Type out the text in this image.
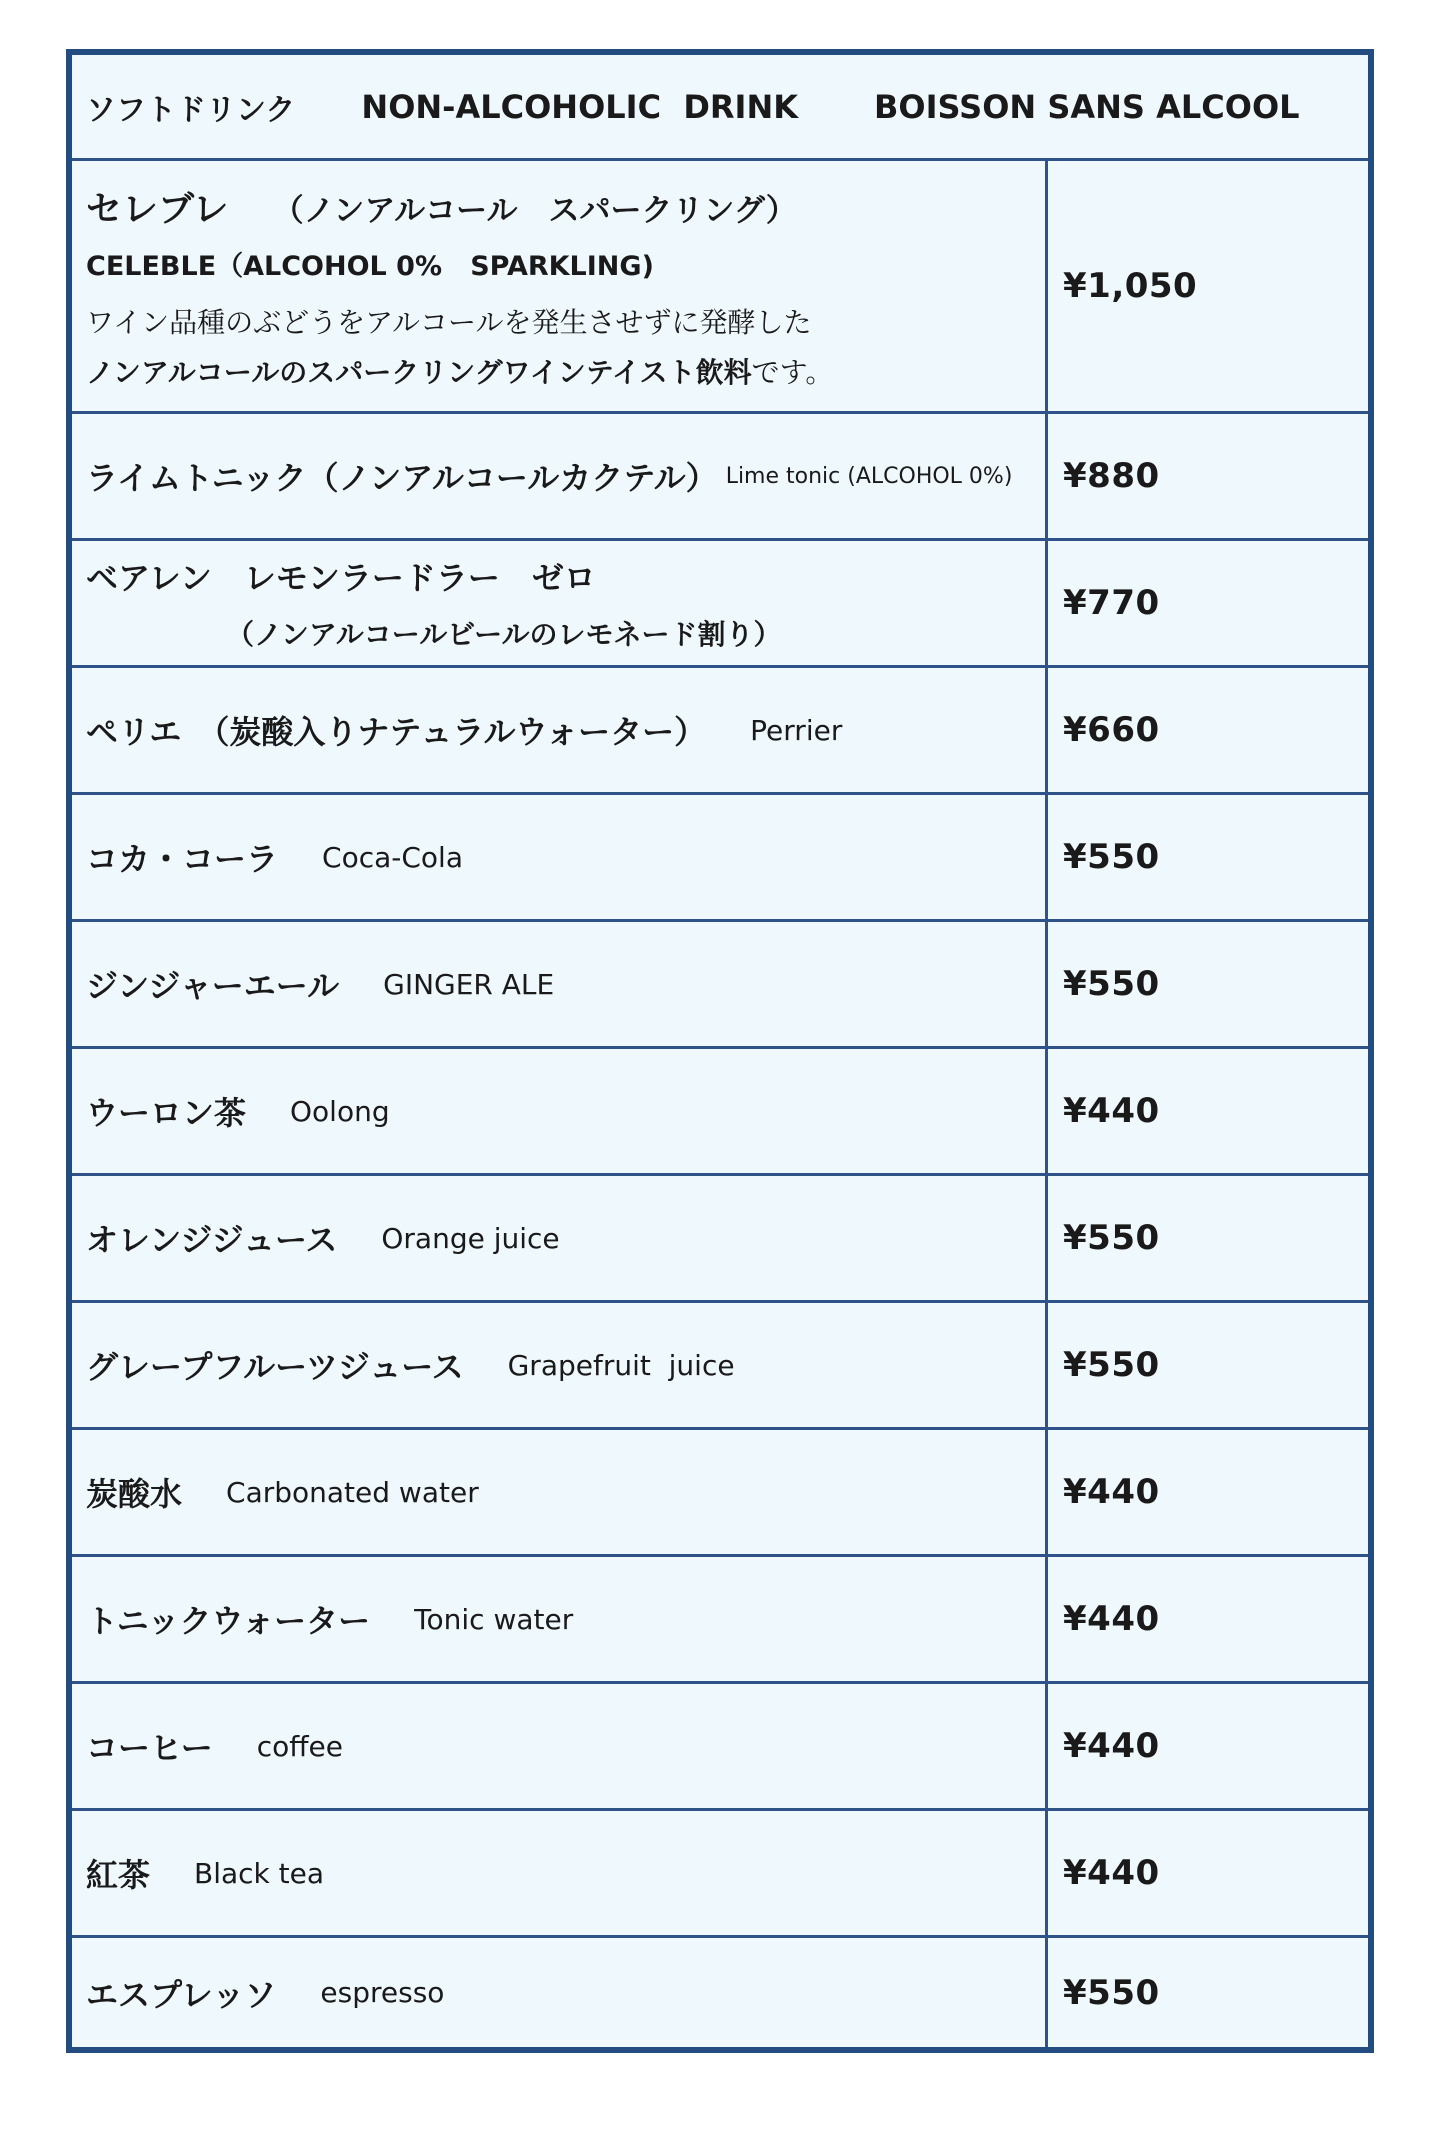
ソフトドリンク NON-ALCOHOLIC  DRINK BOISSON SANS ALCOOL
セレブレ （ノンアルコール　スパークリング）
CELEBLE（ALCOHOL 0%   SPARKLING)
ワイン品種のぶどうをアルコールを発生させずに発酵した
ノンアルコールのスパークリングワインテイスト飲料です。
¥1,050
ライムトニック（ノンアルコールカクテル） Lime tonic (ALCOHOL 0%)	¥880
ベアレン　レモンラードラー　ゼロ
（ノンアルコールビールのレモネード割り）
¥770
ペリエ　（炭酸入りナテュラルウォーター） Perrier	¥660
コカ・コーラ Coca-Cola	¥550
ジンジャーエール GINGER ALE	¥550
ウーロン茶 Oolong	¥440
オレンジジュース Orange juice	¥550
グレープフルーツジュース Grapefruit  juice	¥550
炭酸水 Carbonated water	¥440
トニックウォーター Tonic water	¥440
コーヒー coffee	¥440
紅茶 Black tea	¥440
エスプレッソ espresso	¥550
